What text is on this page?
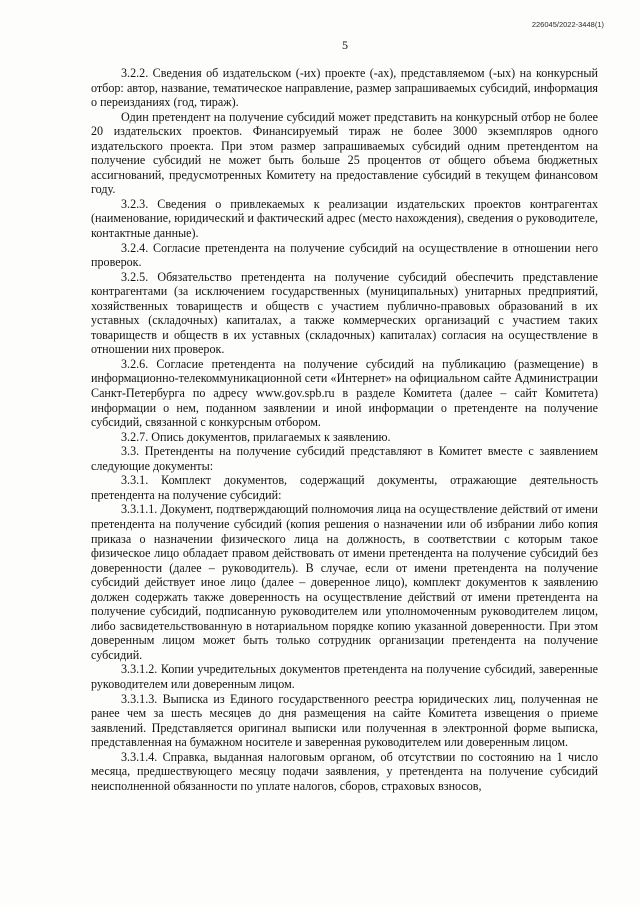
226045/2022-3448(1)
5

3.2.2. Сведения об издательском (-их) проекте (-ах), представляемом (-ых) на конкурсный отбор: автор, название, тематическое направление, размер запрашиваемых субсидий, информация о переизданиях (год, тираж).

Один претендент на получение субсидий может представить на конкурсный отбор не более 20 издательских проектов. Финансируемый тираж не более 3000 экземпляров одного издательского проекта. При этом размер запрашиваемых субсидий одним претендентом на получение субсидий не может быть больше 25 процентов от общего объема бюджетных ассигнований, предусмотренных Комитету на предоставление субсидий в текущем финансовом году.

3.2.3. Сведения о привлекаемых к реализации издательских проектов контрагентах (наименование, юридический и фактический адрес (место нахождения), сведения о руководителе, контактные данные).

3.2.4. Согласие претендента на получение субсидий на осуществление в отношении него проверок.

3.2.5. Обязательство претендента на получение субсидий обеспечить представление контрагентами (за исключением государственных (муниципальных) унитарных предприятий, хозяйственных товариществ и обществ с участием публично-правовых образований в их уставных (складочных) капиталах, а также коммерческих организаций с участием таких товариществ и обществ в их уставных (складочных) капиталах) согласия на осуществление в отношении них проверок.

3.2.6. Согласие претендента на получение субсидий на публикацию (размещение) в информационно-телекоммуникационной сети «Интернет» на официальном сайте Администрации Санкт-Петербурга по адресу www.gov.spb.ru в разделе Комитета (далее – сайт Комитета) информации о нем, поданном заявлении и иной информации о претенденте на получение субсидий, связанной с конкурсным отбором.

3.2.7. Опись документов, прилагаемых к заявлению.

3.3. Претенденты на получение субсидий представляют в Комитет вместе с заявлением следующие документы:

3.3.1. Комплект документов, содержащий документы, отражающие деятельность претендента на получение субсидий:

3.3.1.1. Документ, подтверждающий полномочия лица на осуществление действий от имени претендента на получение субсидий (копия решения о назначении или об избрании либо копия приказа о назначении физического лица на должность, в соответствии с которым такое физическое лицо обладает правом действовать от имени претендента на получение субсидий без доверенности (далее – руководитель). В случае, если от имени претендента на получение субсидий действует иное лицо (далее – доверенное лицо), комплект документов к заявлению должен содержать также доверенность на осуществление действий от имени претендента на получение субсидий, подписанную руководителем или уполномоченным руководителем лицом, либо засвидетельствованную в нотариальном порядке копию указанной доверенности. При этом доверенным лицом может быть только сотрудник организации претендента на получение субсидий.

3.3.1.2. Копии учредительных документов претендента на получение субсидий, заверенные руководителем или доверенным лицом.

3.3.1.3. Выписка из Единого государственного реестра юридических лиц, полученная не ранее чем за шесть месяцев до дня размещения на сайте Комитета извещения о приеме заявлений. Представляется оригинал выписки или полученная в электронной форме выписка, представленная на бумажном носителе и заверенная руководителем или доверенным лицом.

3.3.1.4. Справка, выданная налоговым органом, об отсутствии по состоянию на 1 число месяца, предшествующего месяцу подачи заявления, у претендента на получение субсидий неисполненной обязанности по уплате налогов, сборов, страховых взносов,
